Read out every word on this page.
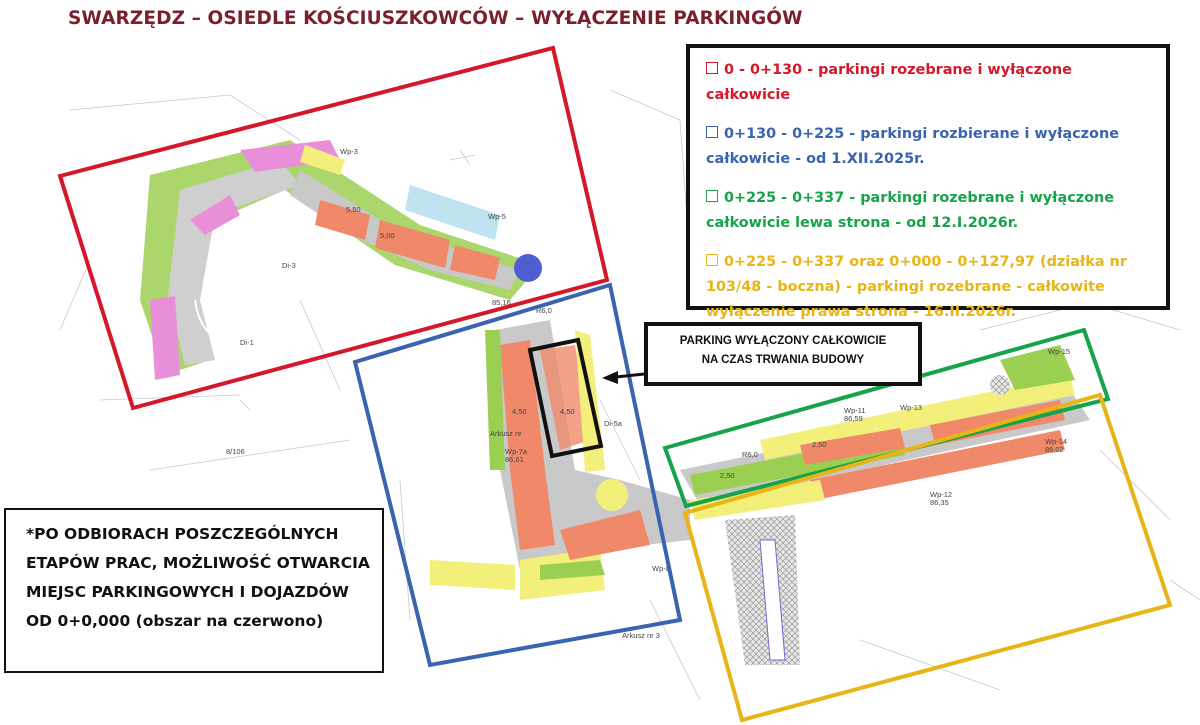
SWARZĘDZ – OSIEDLE KOŚCIUSZKOWCÓW – WYŁĄCZENIE PARKINGÓW
Arkusz nr
Arkusz nr 3
Wp-3
Wp-5
Wp-7a
86,61
Wp-8
Wp-11
86,59
Wp-12
86,35
Wp-13
Wp-14
86,02
Wp-15
Di-1
Di-3
Di-5a
R6,0
R6,0
4,50	4,50
2,50
2,50
5,50
5,00
85,16
8/106
0 - 0+130 - parkingi rozebrane i wyłączone całkowicie
0+130 - 0+225 - parkingi rozbierane i wyłączone całkowicie - od 1.XII.2025r.
0+225 - 0+337 - parkingi rozebrane i wyłączone całkowicie lewa strona - od 12.I.2026r.
0+225 - 0+337 oraz 0+000 - 0+127,97 (działka nr 103/48 - boczna) - parkingi rozebrane - całkowite wyłączenie prawa strona - 16.II.2026r.
PARKING WYŁĄCZONY CAŁKOWICIE
NA CZAS TRWANIA BUDOWY
*PO ODBIORACH POSZCZEGÓLNYCH
ETAPÓW PRAC, MOŻLIWOŚĆ OTWARCIA
MIEJSC PARKINGOWYCH I DOJAZDÓW
OD 0+0,000 (obszar na czerwono)
